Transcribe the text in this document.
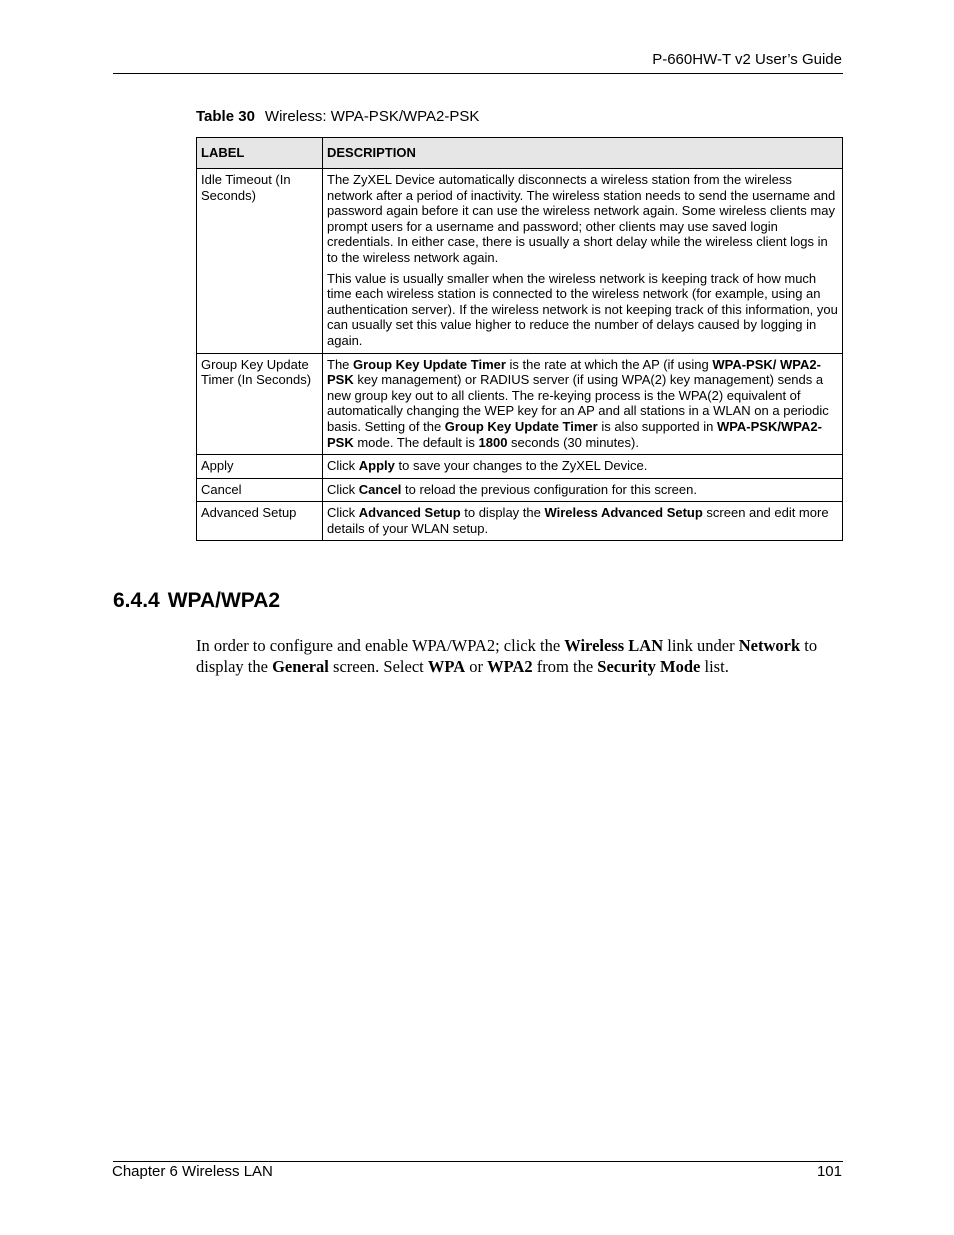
P-660HW-T v2 User’s Guide
Table 30 Wireless: WPA-PSK/WPA2-PSK
LABEL	DESCRIPTION
Idle Timeout (In Seconds)	The ZyXEL Device automatically disconnects a wireless station from the wireless network after a period of inactivity. The wireless station needs to send the username and password again before it can use the wireless network again. Some wireless clients may prompt users for a username and password; other clients may use saved login credentials. In either case, there is usually a short delay while the wireless client logs in to the wireless network again.

This value is usually smaller when the wireless network is keeping track of how much time each wireless station is connected to the wireless network (for example, using an authentication server). If the wireless network is not keeping track of this information, you can usually set this value higher to reduce the number of delays caused by logging in again.

Group Key Update Timer (In Seconds)	The Group Key Update Timer is the rate at which the AP (if using WPA-PSK/ WPA2-PSK key management) or RADIUS server (if using WPA(2) key management) sends a new group key out to all clients. The re-keying process is the WPA(2) equivalent of automatically changing the WEP key for an AP and all stations in a WLAN on a periodic basis. Setting of the Group Key Update Timer is also supported in WPA-PSK/WPA2-PSK mode. The default is 1800 seconds (30 minutes).
Apply	Click Apply to save your changes to the ZyXEL Device.
Cancel	Click Cancel to reload the previous configuration for this screen.
Advanced Setup	Click Advanced Setup to display the Wireless Advanced Setup screen and edit more details of your WLAN setup.
6.4.4 WPA/WPA2
In order to configure and enable WPA/WPA2; click the Wireless LAN link under Network to display the General screen. Select WPA or WPA2 from the Security Mode list.
Chapter 6 Wireless LAN	101
